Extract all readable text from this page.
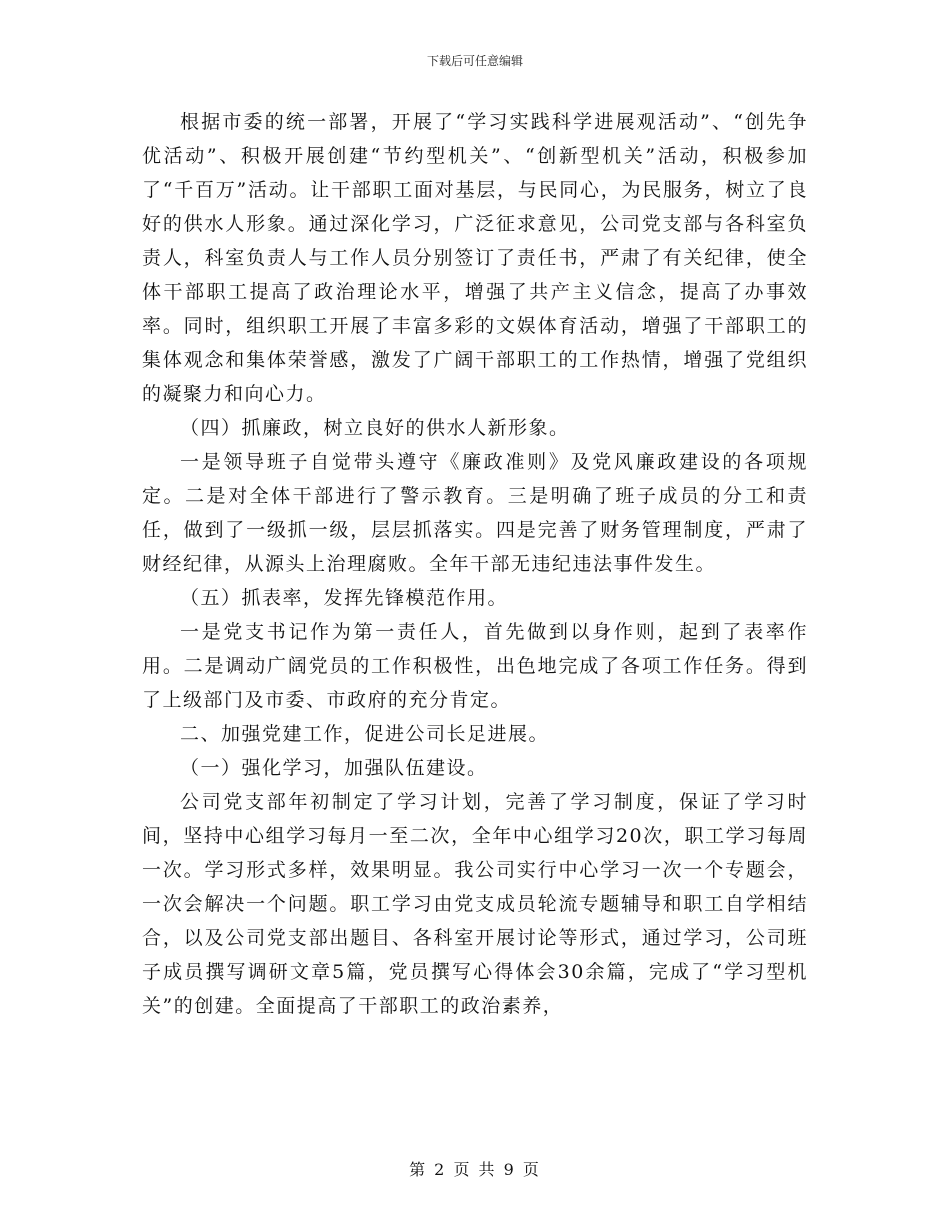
下载后可任意编辑

根据市委的统一部署，开展了“学习实践科学进展观活动”、“创先争优活动”、积极开展创建“节约型机关”、“创新型机关”活动，积极参加了“千百万”活动。让干部职工面对基层，与民同心，为民服务，树立了良好的供水人形象。通过深化学习，广泛征求意见，公司党支部与各科室负责人，科室负责人与工作人员分别签订了责任书，严肃了有关纪律，使全体干部职工提高了政治理论水平，增强了共产主义信念，提高了办事效率。同时，组织职工开展了丰富多彩的文娱体育活动，增强了干部职工的集体观念和集体荣誉感，激发了广阔干部职工的工作热情，增强了党组织的凝聚力和向心力。

（四）抓廉政，树立良好的供水人新形象。

一是领导班子自觉带头遵守《廉政准则》及党风廉政建设的各项规定。二是对全体干部进行了警示教育。三是明确了班子成员的分工和责任，做到了一级抓一级，层层抓落实。四是完善了财务管理制度，严肃了财经纪律，从源头上治理腐败。全年干部无违纪违法事件发生。

（五）抓表率，发挥先锋模范作用。

一是党支书记作为第一责任人，首先做到以身作则，起到了表率作用。二是调动广阔党员的工作积极性，出色地完成了各项工作任务。得到了上级部门及市委、市政府的充分肯定。

二、加强党建工作，促进公司长足进展。

（一）强化学习，加强队伍建设。

公司党支部年初制定了学习计划，完善了学习制度，保证了学习时间，坚持中心组学习每月一至二次，全年中心组学习20次，职工学习每周一次。学习形式多样，效果明显。我公司实行中心学习一次一个专题会，一次会解决一个问题。职工学习由党支成员轮流专题辅导和职工自学相结合，以及公司党支部出题目、各科室开展讨论等形式，通过学习，公司班子成员撰写调研文章5篇，党员撰写心得体会30余篇，完成了“学习型机关”的创建。全面提高了干部职工的政治素养，

第 2 页 共 9 页
